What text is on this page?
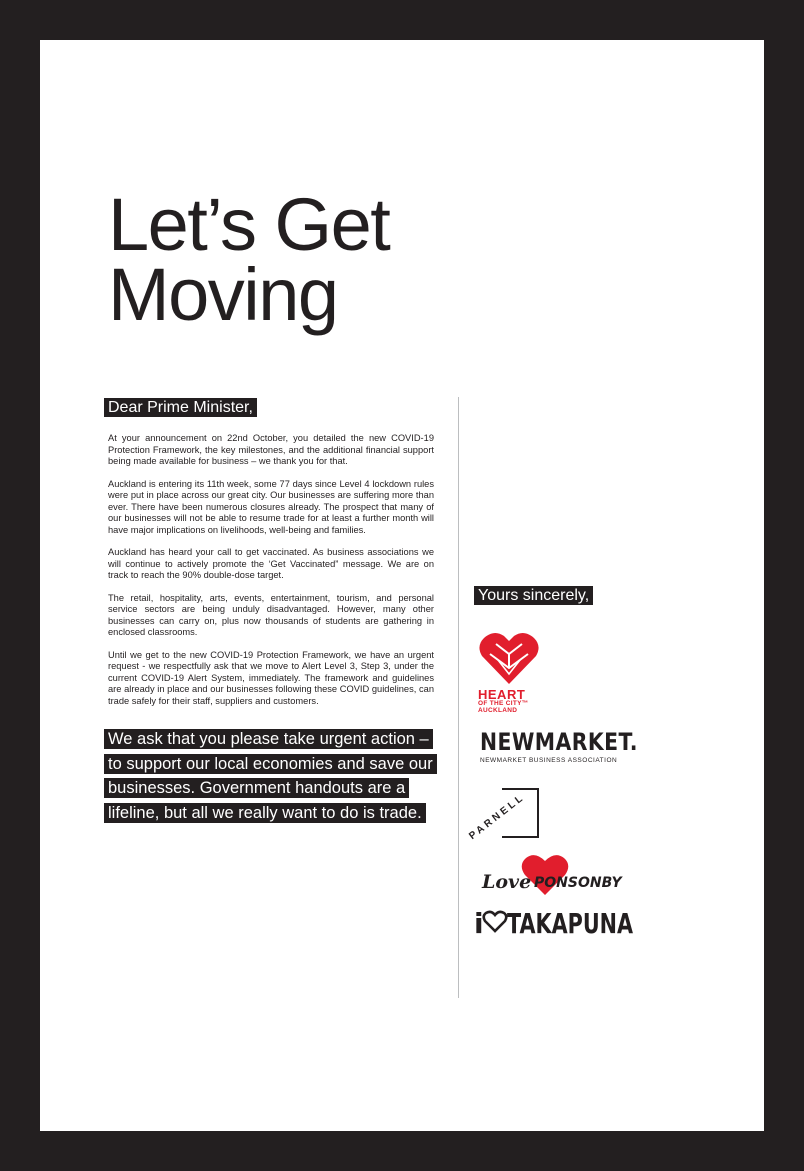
Let’s Get
Moving

Dear Prime Minister,

At your announcement on 22nd October, you detailed the new COVID-19 Protection Framework, the key milestones, and the additional financial support being made available for business – we thank you for that.

Auckland is entering its 11th week, some 77 days since Level 4 lockdown rules were put in place across our great city. Our businesses are suffering more than ever. There have been numerous closures already. The prospect that many of our businesses will not be able to resume trade for at least a further month will have major implications on livelihoods, well-being and families.

Auckland has heard your call to get vaccinated. As business associations we will continue to actively promote the ‘Get Vaccinated” message. We are on track to reach the 90% double-dose target.

The retail, hospitality, arts, events, entertainment, tourism, and personal service sectors are being unduly disadvantaged. However, many other businesses can carry on, plus now thousands of students are gathering in enclosed classrooms.

Until we get to the new COVID-19 Protection Framework, we have an urgent request - we respectfully ask that we move to Alert Level 3, Step 3, under the current COVID-19 Alert System, immediately. The framework and guidelines are already in place and our businesses following these COVID guidelines, can trade safely for their staff, suppliers and customers.

We ask that you please take urgent action – to support our local economies and save our businesses. Government handouts are a lifeline, but all we really want to do is trade.

Yours sincerely,
HEART
OF THE CITY™
AUCKLAND
NEWMARKET.
NEWMARKET BUSINESS ASSOCIATION
PARNELL
Love PONSONBY
i TAKAPUNA
